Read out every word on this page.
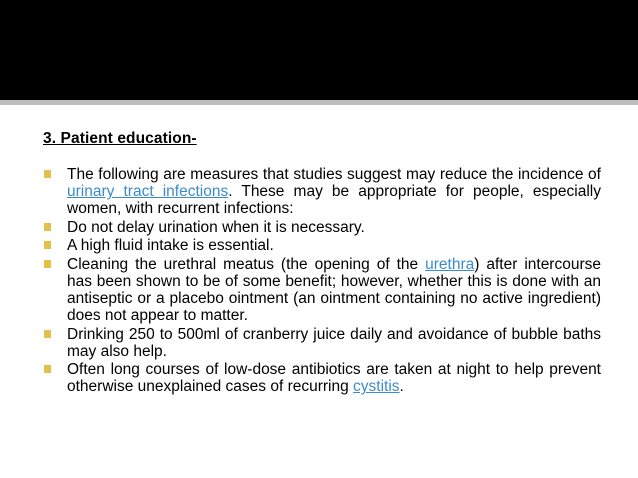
3. Patient education-
The following are measures that studies suggest may reduce the incidence of urinary tract infections. These may be appropriate for people, especially women, with recurrent infections:
Do not delay urination when it is necessary.
A high fluid intake is essential.
Cleaning the urethral meatus (the opening of the urethra) after intercourse has been shown to be of some benefit; however, whether this is done with an antiseptic or a placebo ointment (an ointment containing no active ingredient) does not appear to matter.
Drinking 250 to 500ml of cranberry juice daily and avoidance of bubble baths may also help.
Often long courses of low-dose antibiotics are taken at night to help prevent otherwise unexplained cases of recurring cystitis.
